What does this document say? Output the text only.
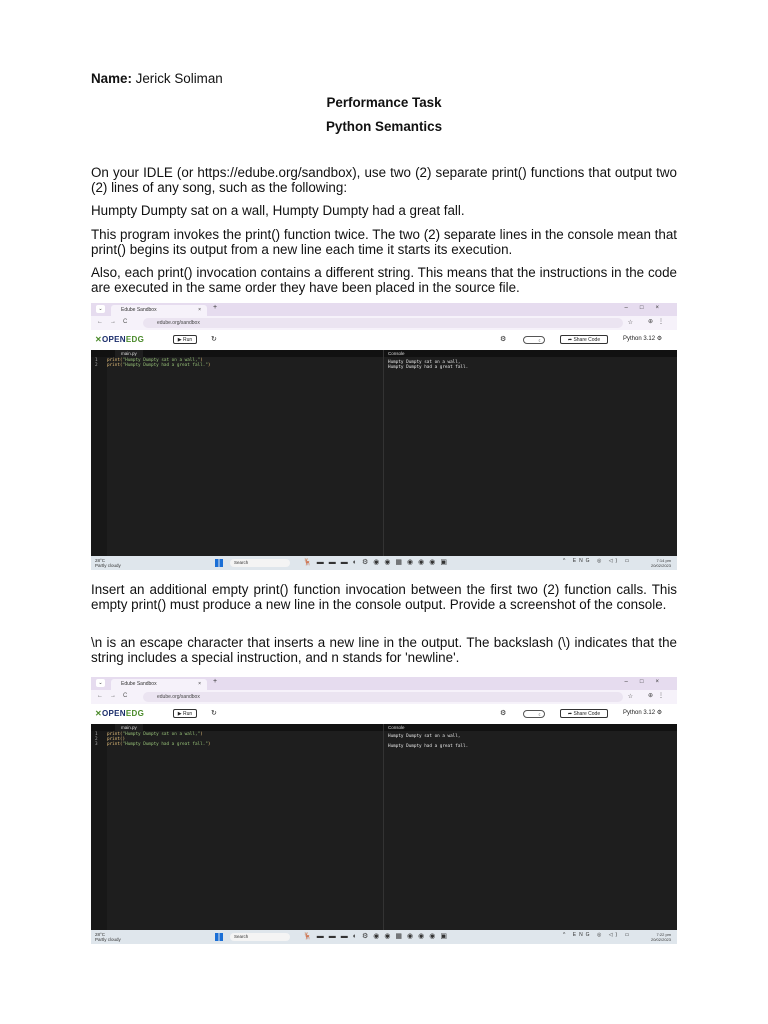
Name: Jerick Soliman

Performance Task

Python Semantics

On your IDLE (or https://edube.org/sandbox), use two (2) separate print() functions that output two (2) lines of any song, such as the following:

Humpty Dumpty sat on a wall, Humpty Dumpty had a great fall.

This program invokes the print() function twice. The two (2) separate lines in the console mean that print() begins its output from a new line each time it starts its execution.

Also, each print() invocation contains a different string. This means that the instructions in the code are executed in the same order they have been placed in the source file.

⌄	Edube Sandbox	× +	–□×
←→C	edube.org/sandbox	☆ ⊕⋮
✕OPENEDG	▶ Run	↻	⚙	☾	➦ Share Code	Python 3.12 ⚙
main.py
1 print("Humpty Dumpty sat on a wall,")
2 print("Humpty Dumpty had a great fall.")
Console
Humpty Dumpty sat on a wall,
Humpty Dumpty had a great fall.
28°C
Partly cloudy
Search	🦌▬▬▬◐⚙◉◉▦◉◉◉▣	^ ENG ◎ ◁) ▭	7:14 pm
20/02/2023

Insert an additional empty print() function invocation between the first two (2) function calls. This empty print() must produce a new line in the console output. Provide a screenshot of the console.

\n is an escape character that inserts a new line in the output. The backslash (\) indicates that the string includes a special instruction, and n stands for 'newline'.

⌄	Edube Sandbox	× +	–□×
←→C	edube.org/sandbox	☆ ⊕⋮
✕OPENEDG	▶ Run	↻	⚙	☾	➦ Share Code	Python 3.12 ⚙
main.py
1 print("Humpty Dumpty sat on a wall,")
2 print()
3 print("Humpty Dumpty had a great fall.")
Console
Humpty Dumpty sat on a wall,

Humpty Dumpty had a great fall.
28°C
Partly cloudy
Search	🦌▬▬▬◐⚙◉◉▦◉◉◉▣	^ ENG ◎ ◁) ▭	7:22 pm
20/02/2023
